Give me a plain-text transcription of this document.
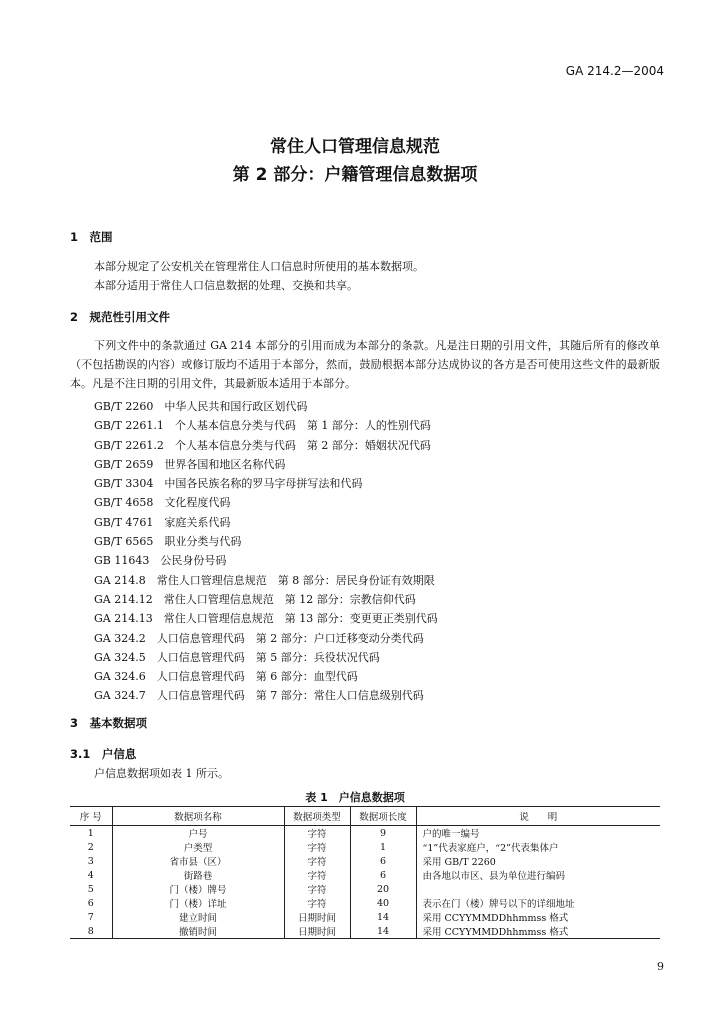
GA 214.2—2004
常住人口管理信息规范
第 2 部分：户籍管理信息数据项
1　范围
本部分规定了公安机关在管理常住人口信息时所使用的基本数据项。
本部分适用于常住人口信息数据的处理、交换和共享。
2　规范性引用文件
下列文件中的条款通过 GA 214 本部分的引用而成为本部分的条款。凡是注日期的引用文件，其随后所有的修改单（不包括勘误的内容）或修订版均不适用于本部分，然而，鼓励根据本部分达成协议的各方是否可使用这些文件的最新版本。凡是不注日期的引用文件，其最新版本适用于本部分。
GB/T 2260　中华人民共和国行政区划代码
GB/T 2261.1　个人基本信息分类与代码　第 1 部分：人的性别代码
GB/T 2261.2　个人基本信息分类与代码　第 2 部分：婚姻状况代码
GB/T 2659　世界各国和地区名称代码
GB/T 3304　中国各民族名称的罗马字母拼写法和代码
GB/T 4658　文化程度代码
GB/T 4761　家庭关系代码
GB/T 6565　职业分类与代码
GB 11643　公民身份号码
GA 214.8　常住人口管理信息规范　第 8 部分：居民身份证有效期限
GA 214.12　常住人口管理信息规范　第 12 部分：宗教信仰代码
GA 214.13　常住人口管理信息规范　第 13 部分：变更更正类别代码
GA 324.2　人口信息管理代码　第 2 部分：户口迁移变动分类代码
GA 324.5　人口信息管理代码　第 5 部分：兵役状况代码
GA 324.6　人口信息管理代码　第 6 部分：血型代码
GA 324.7　人口信息管理代码　第 7 部分：常住人口信息级别代码
3　基本数据项
3.1　户信息
户信息数据项如表 1 所示。
表 1　户信息数据项
序 号	数据项名称	数据项类型	数据项长度	说　　明
1	户号	字符	9	户的唯一编号
2	户类型	字符	1	“1”代表家庭户，“2”代表集体户
3	省市县（区）	字符	6	采用 GB/T 2260
4	街路巷	字符	6	由各地以市区、县为单位进行编码
5	门（楼）牌号	字符	20	
6	门（楼）详址	字符	40	表示在门（楼）牌号以下的详细地址
7	建立时间	日期时间	14	采用 CCYYMMDDhhmmss 格式
8	撤销时间	日期时间	14	采用 CCYYMMDDhhmmss 格式
9
